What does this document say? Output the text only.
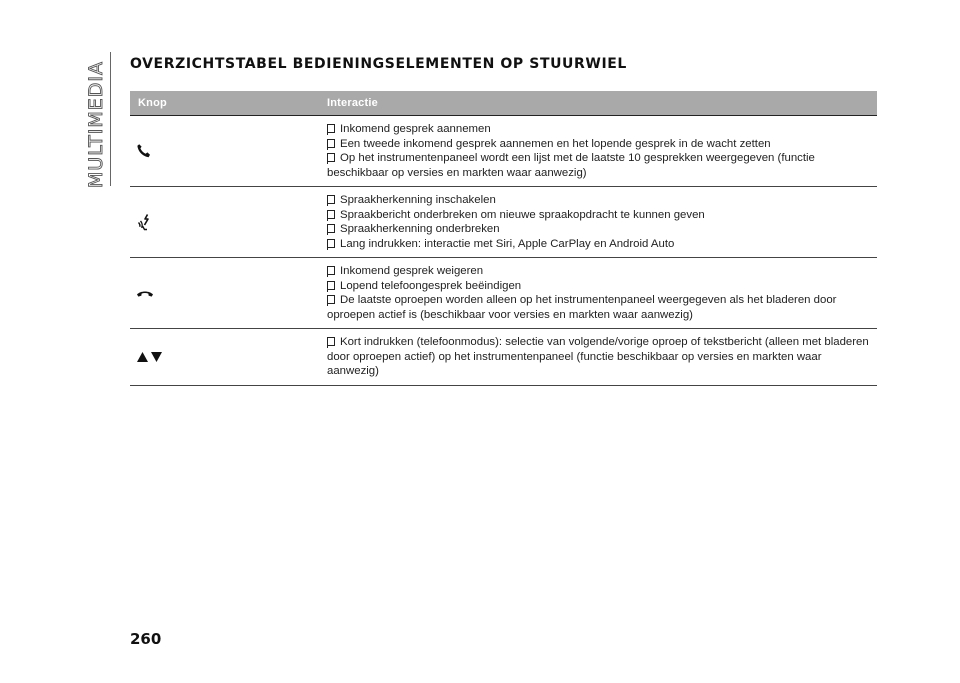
MULTIMEDIA OVERZICHTSTABEL BEDIENINGSELEMENTEN OP STUURWIEL
Knop	Interactie
Inkomend gesprek aannemen
Een tweede inkomend gesprek aannemen en het lopende gesprek in de wacht zetten
Op het instrumentenpaneel wordt een lijst met de laatste 10 gesprekken weergegeven (functie beschikbaar op versies en markten waar aanwezig)
Spraakherkenning inschakelen
Spraakbericht onderbreken om nieuwe spraakopdracht te kunnen geven
Spraakherkenning onderbreken
Lang indrukken: interactie met Siri, Apple CarPlay en Android Auto
Inkomend gesprek weigeren
Lopend telefoongesprek beëindigen
De laatste oproepen worden alleen op het instrumentenpaneel weergegeven als het bladeren door oproepen actief is (beschikbaar voor versies en markten waar aanwezig)
Kort indrukken (telefoonmodus): selectie van volgende/vorige oproep of tekstbericht (alleen met bladeren door oproepen actief) op het instrumentenpaneel (functie beschikbaar op versies en markten waar aanwezig)
260
